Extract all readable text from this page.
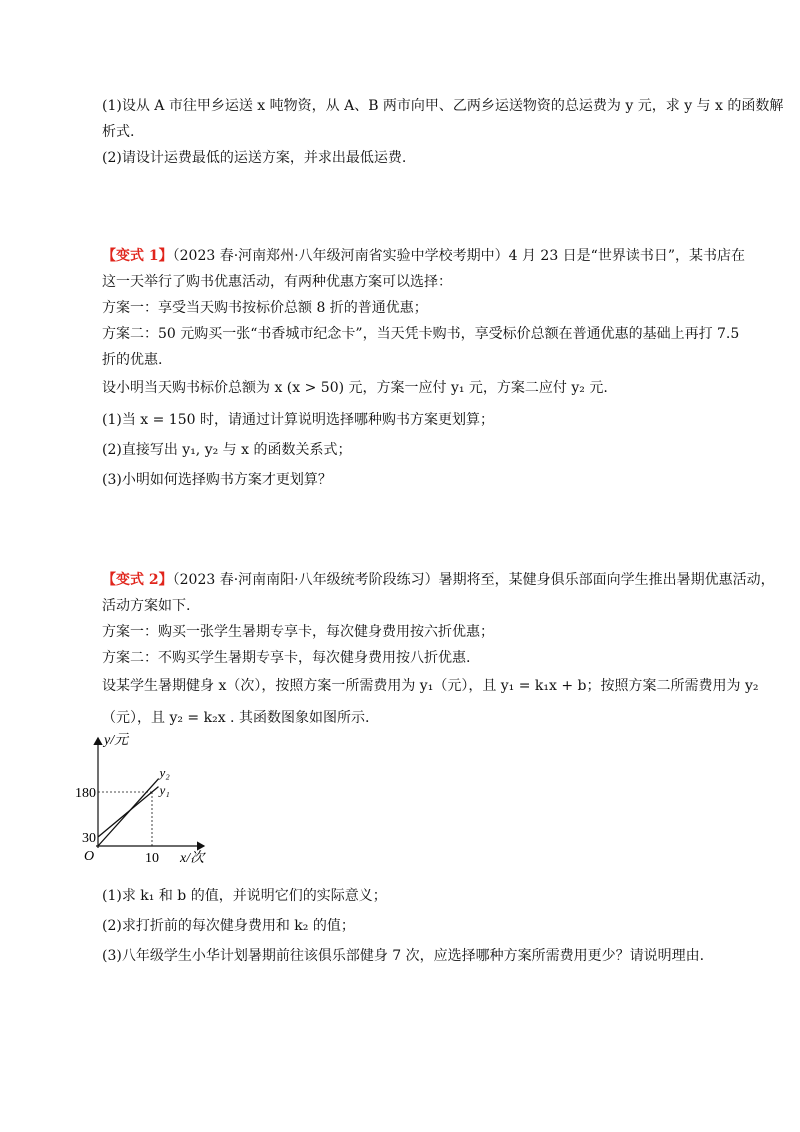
(1)设从 A 市往甲乡运送 x 吨物资，从 A、B 两市向甲、乙两乡运送物资的总运费为 y 元，求 y 与 x 的函数解
析式.
(2)请设计运费最低的运送方案，并求出最低运费.
【变式 1】（2023 春·河南郑州·八年级河南省实验中学校考期中）4 月 23 日是“世界读书日”，某书店在
这一天举行了购书优惠活动，有两种优惠方案可以选择：
方案一：享受当天购书按标价总额 8 折的普通优惠；
方案二：50 元购买一张“书香城市纪念卡”，当天凭卡购书，享受标价总额在普通优惠的基础上再打 7.5
折的优惠.
设小明当天购书标价总额为 x (x > 50) 元，方案一应付 y₁ 元，方案二应付 y₂ 元.
(1)当 x = 150 时，请通过计算说明选择哪种购书方案更划算；
(2)直接写出 y₁, y₂ 与 x 的函数关系式；
(3)小明如何选择购书方案才更划算？
【变式 2】（2023 春·河南南阳·八年级统考阶段练习）暑期将至，某健身俱乐部面向学生推出暑期优惠活动，
活动方案如下.
方案一：购买一张学生暑期专享卡，每次健身费用按六折优惠；
方案二：不购买学生暑期专享卡，每次健身费用按八折优惠.
设某学生暑期健身 x（次），按照方案一所需费用为 y₁（元），且 y₁ = k₁x + b；按照方案二所需费用为 y₂
（元），且 y₂ = k₂x . 其函数图象如图所示.
y₁
y₂
30
180
10
y/元
x/次
O
(1)求 k₁ 和 b 的值，并说明它们的实际意义；
(2)求打折前的每次健身费用和 k₂ 的值；
(3)八年级学生小华计划暑期前往该俱乐部健身 7 次，应选择哪种方案所需费用更少？请说明理由.
